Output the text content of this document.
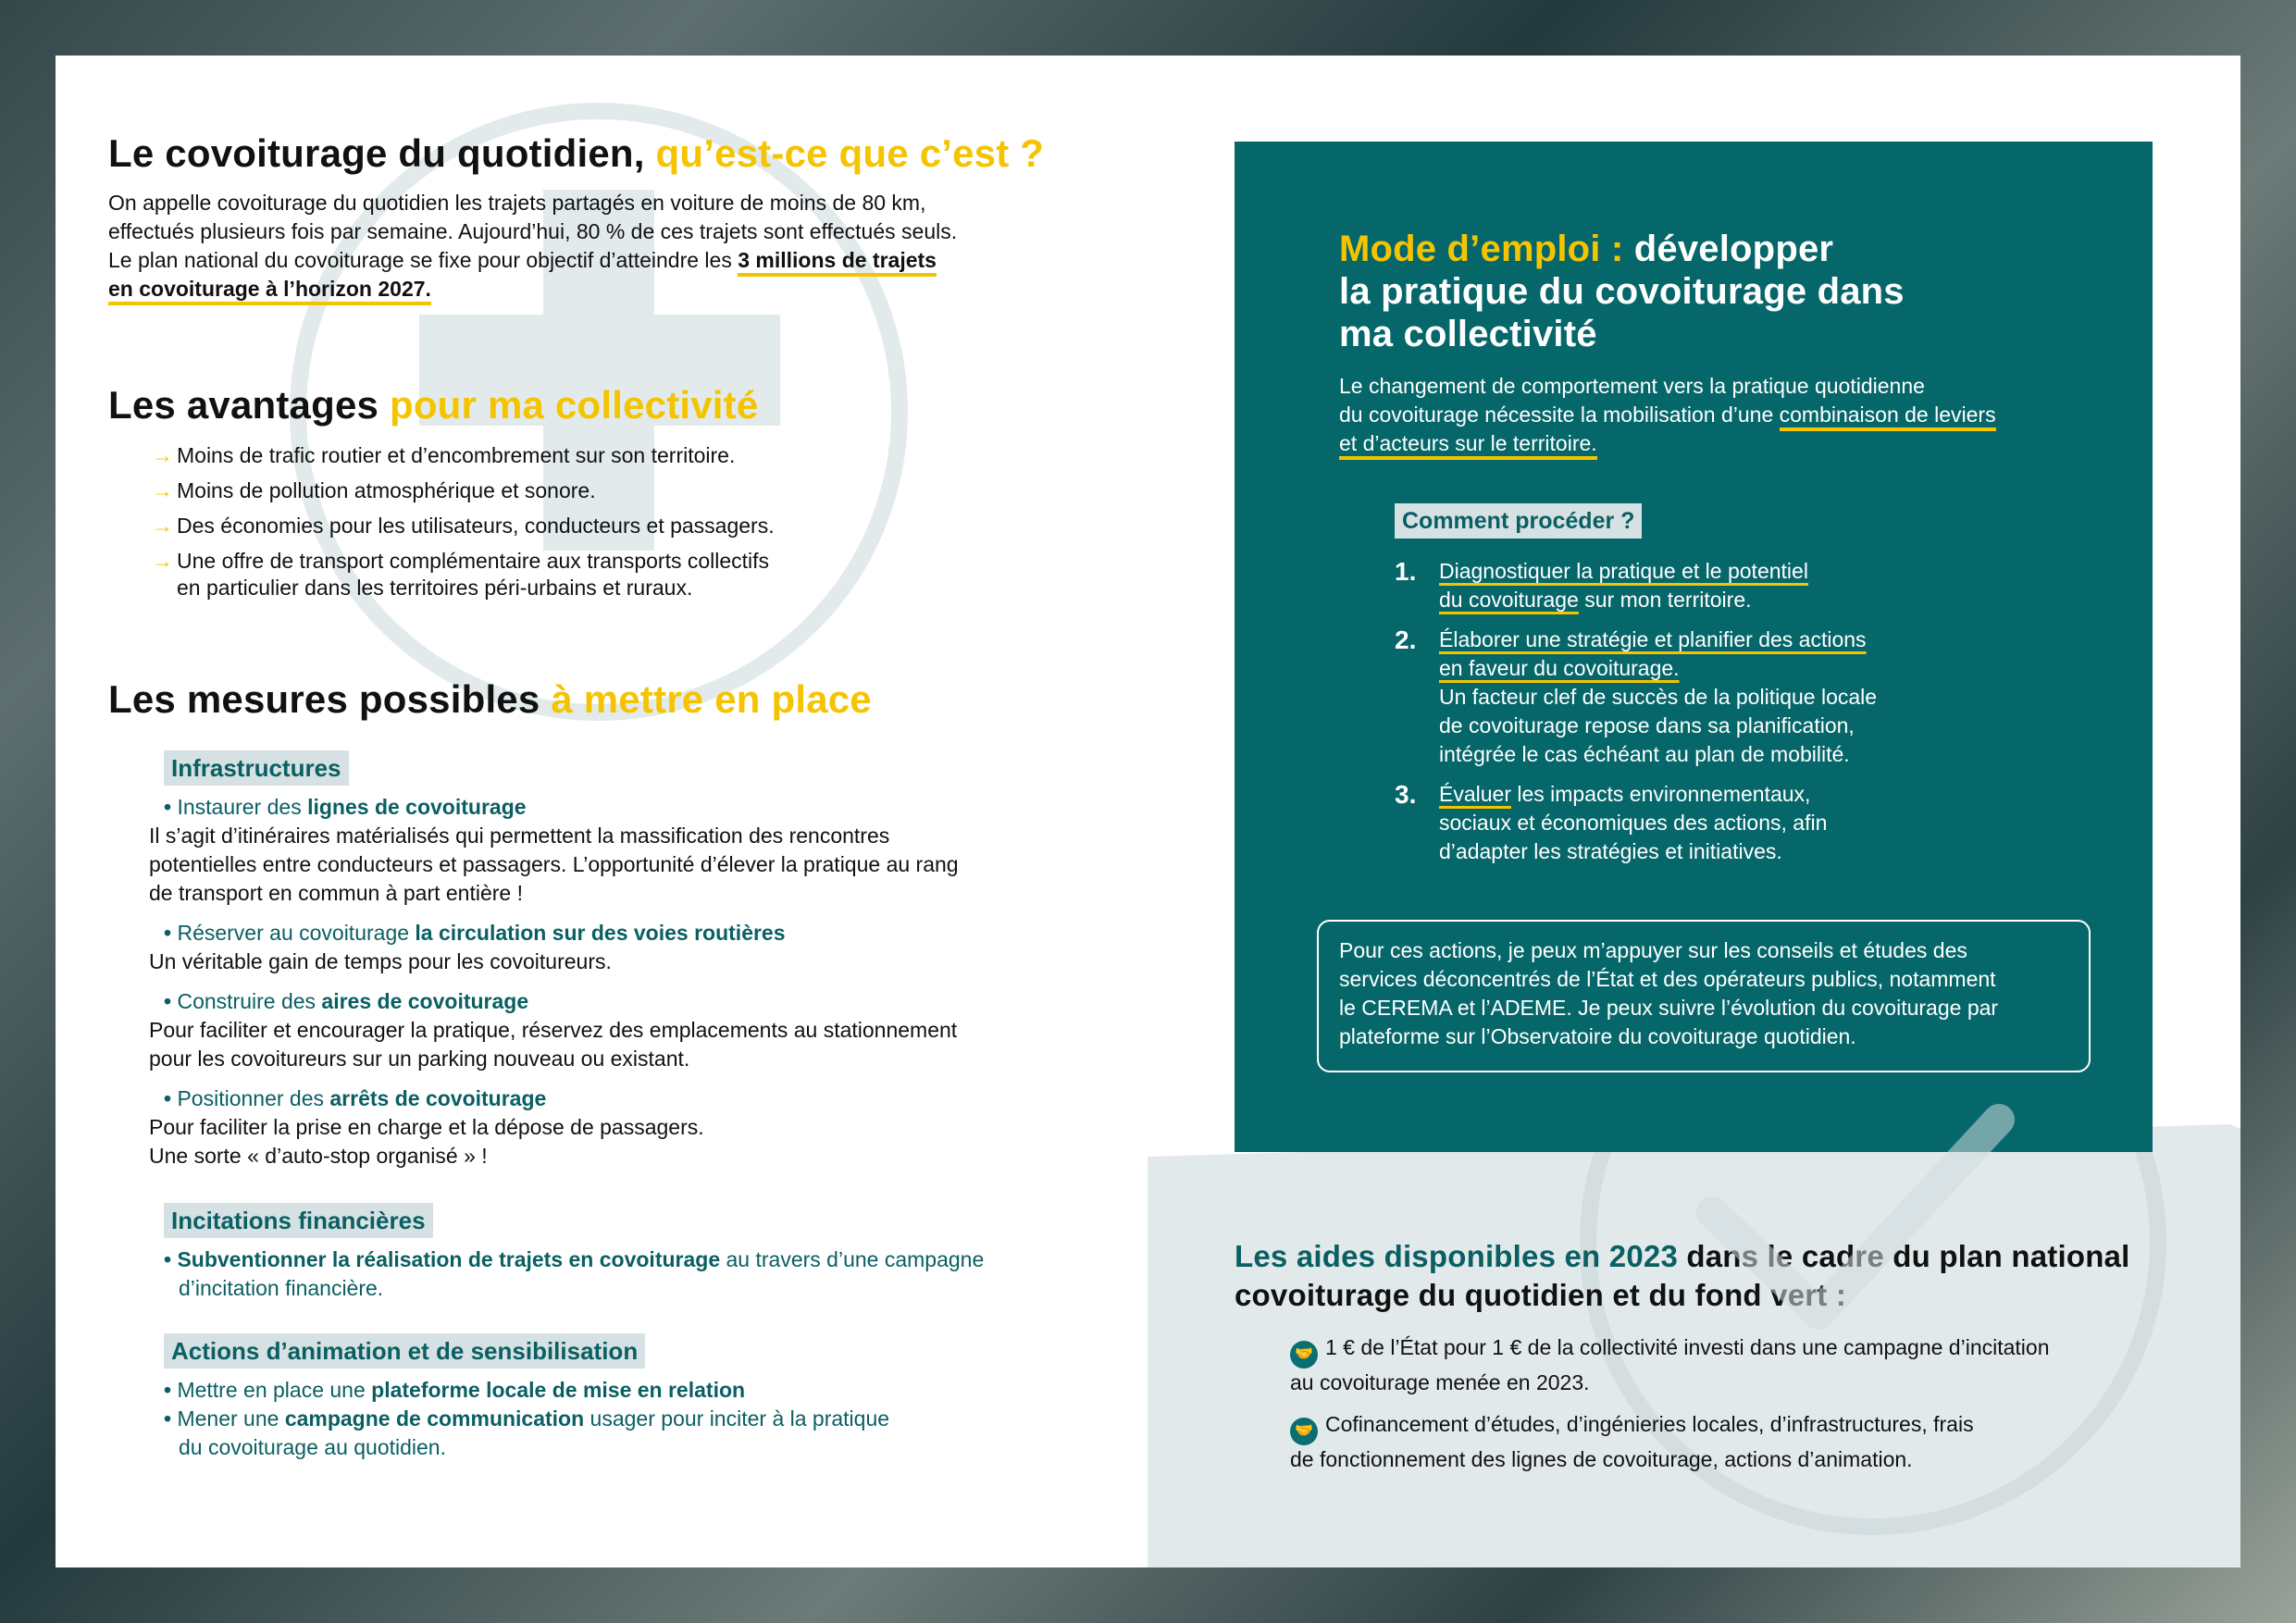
Le covoiturage du quotidien, qu’est-ce que c’est ?
On appelle covoiturage du quotidien les trajets partagés en voiture de moins de 80 km,
effectués plusieurs fois par semaine. Aujourd’hui, 80 % de ces trajets sont effectués seuls.
Le plan national du covoiturage se fixe pour objectif d’atteindre les 3 millions de trajets
en covoiturage à l’horizon 2027.
Les avantages pour ma collectivité
→ Moins de trafic routier et d’encombrement sur son territoire.
→ Moins de pollution atmosphérique et sonore.
→ Des économies pour les utilisateurs, conducteurs et passagers.
→ Une offre de transport complémentaire aux transports collectifs
en particulier dans les territoires péri-urbains et ruraux.
Les mesures possibles à mettre en place
Infrastructures

• Instaurer des lignes de covoiturage

Il s’agit d’itinéraires matérialisés qui permettent la massification des rencontres

potentielles entre conducteurs et passagers. L’opportunité d’élever la pratique au rang

de transport en commun à part entière !

• Réserver au covoiturage la circulation sur des voies routières

Un véritable gain de temps pour les covoitureurs.

• Construire des aires de covoiturage

Pour faciliter et encourager la pratique, réservez des emplacements au stationnement

pour les covoitureurs sur un parking nouveau ou existant.

• Positionner des arrêts de covoiturage

Pour faciliter la prise en charge et la dépose de passagers.

Une sorte « d’auto-stop organisé » !

Incitations financières

• Subventionner la réalisation de trajets en covoiturage au travers d’une campagne

d’incitation financière.

Actions d’animation et de sensibilisation

• Mettre en place une plateforme locale de mise en relation

• Mener une campagne de communication usager pour inciter à la pratique

du covoiturage au quotidien.

Mode d’emploi : développer
la pratique du covoiturage dans
ma collectivité
Le changement de comportement vers la pratique quotidienne
du covoiturage nécessite la mobilisation d’une combinaison de leviers
et d’acteurs sur le territoire.
Comment procéder ?
1. Diagnostiquer la pratique et le potentiel
du covoiturage sur mon territoire.
2. Élaborer une stratégie et planifier des actions
en faveur du covoiturage.
Un facteur clef de succès de la politique locale
de covoiturage repose dans sa planification,
intégrée le cas échéant au plan de mobilité.
3. Évaluer les impacts environnementaux,
sociaux et économiques des actions, afin
d’adapter les stratégies et initiatives.
Pour ces actions, je peux m’appuyer sur les conseils et études des
services déconcentrés de l’État et des opérateurs publics, notamment
le CEREMA et l’ADEME. Je peux suivre l’évolution du covoiturage par
plateforme sur l’Observatoire du covoiturage quotidien.
Les aides disponibles en 2023 dans le cadre du plan national
covoiturage du quotidien et du fond vert :
🤝 1 € de l’État pour 1 € de la collectivité investi dans une campagne d’incitation
au covoiturage menée en 2023.
🤝 Cofinancement d’études, d’ingénieries locales, d’infrastructures, frais
de fonctionnement des lignes de covoiturage, actions d’animation.
